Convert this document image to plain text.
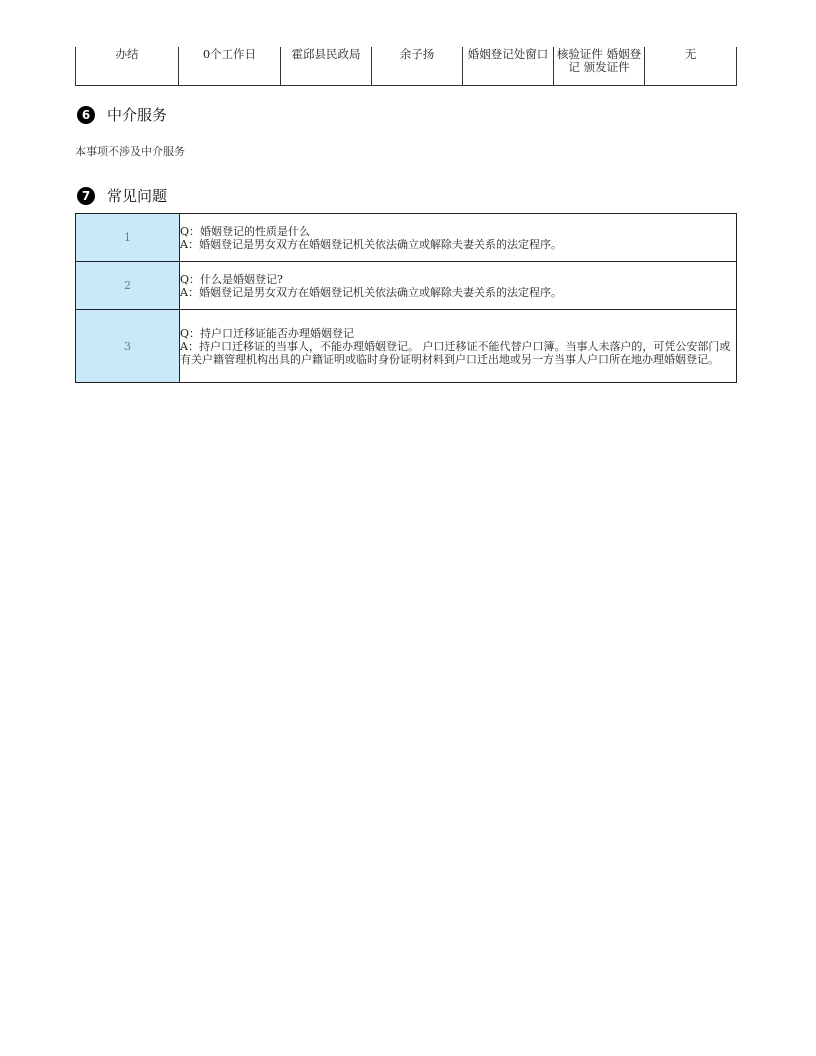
办结	0个工作日	霍邱县民政局	余子扬	婚姻登记处窗口	核验证件 婚姻登记 颁发证件	无
6	中介服务
本事项不涉及中介服务
7	常见问题
1	Q：婚姻登记的性质是什么
A：婚姻登记是男女双方在婚姻登记机关依法确立或解除夫妻关系的法定程序。

2	Q：什么是婚姻登记?
A：婚姻登记是男女双方在婚姻登记机关依法确立或解除夫妻关系的法定程序。

3	Q：持户口迁移证能否办理婚姻登记
A：持户口迁移证的当事人，不能办理婚姻登记。 户口迁移证不能代替户口簿。当事人未落户的，可凭公安部门或有关户籍管理机构出具的户籍证明或临时身份证明材料到户口迁出地或另一方当事人户口所在地办理婚姻登记。
